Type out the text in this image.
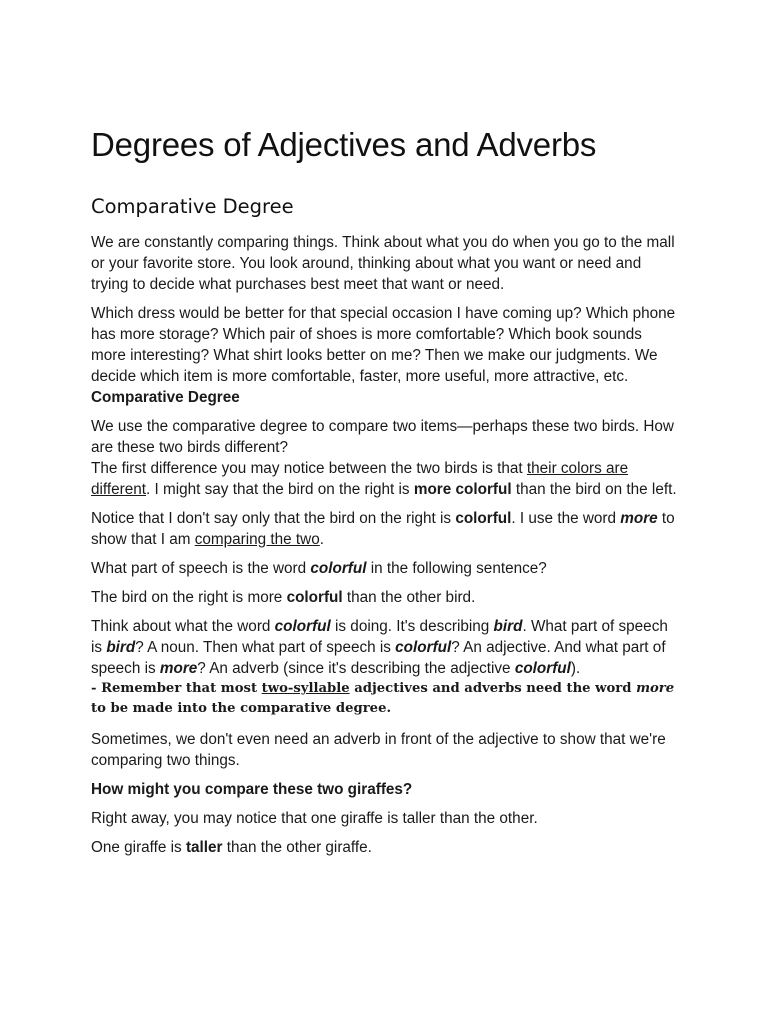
Degrees of Adjectives and Adverbs
Comparative Degree

We are constantly comparing things. Think about what you do when you go to the mall or your favorite store. You look around, thinking about what you want or need and trying to decide what purchases best meet that want or need.

Which dress would be better for that special occasion I have coming up? Which phone has more storage? Which pair of shoes is more comfortable? Which book sounds more interesting? What shirt looks better on me? Then we make our judgments. We decide which item is more comfortable, faster, more useful, more attractive, etc.

Comparative Degree

We use the comparative degree to compare two items—perhaps these two birds. How are these two birds different?

The first difference you may notice between the two birds is that their colors are different. I might say that the bird on the right is more colorful than the bird on the left.

Notice that I don't say only that the bird on the right is colorful. I use the word more to show that I am comparing the two.

What part of speech is the word colorful in the following sentence?

The bird on the right is more colorful than the other bird.

Think about what the word colorful is doing. It's describing bird. What part of speech is bird? A noun. Then what part of speech is colorful? An adjective. And what part of speech is more? An adverb (since it's describing the adjective colorful).

- Remember that most two-syllable adjectives and adverbs need the word more to be made into the comparative degree.

Sometimes, we don't even need an adverb in front of the adjective to show that we're comparing two things.

How might you compare these two giraffes?

Right away, you may notice that one giraffe is taller than the other.

One giraffe is taller than the other giraffe.
